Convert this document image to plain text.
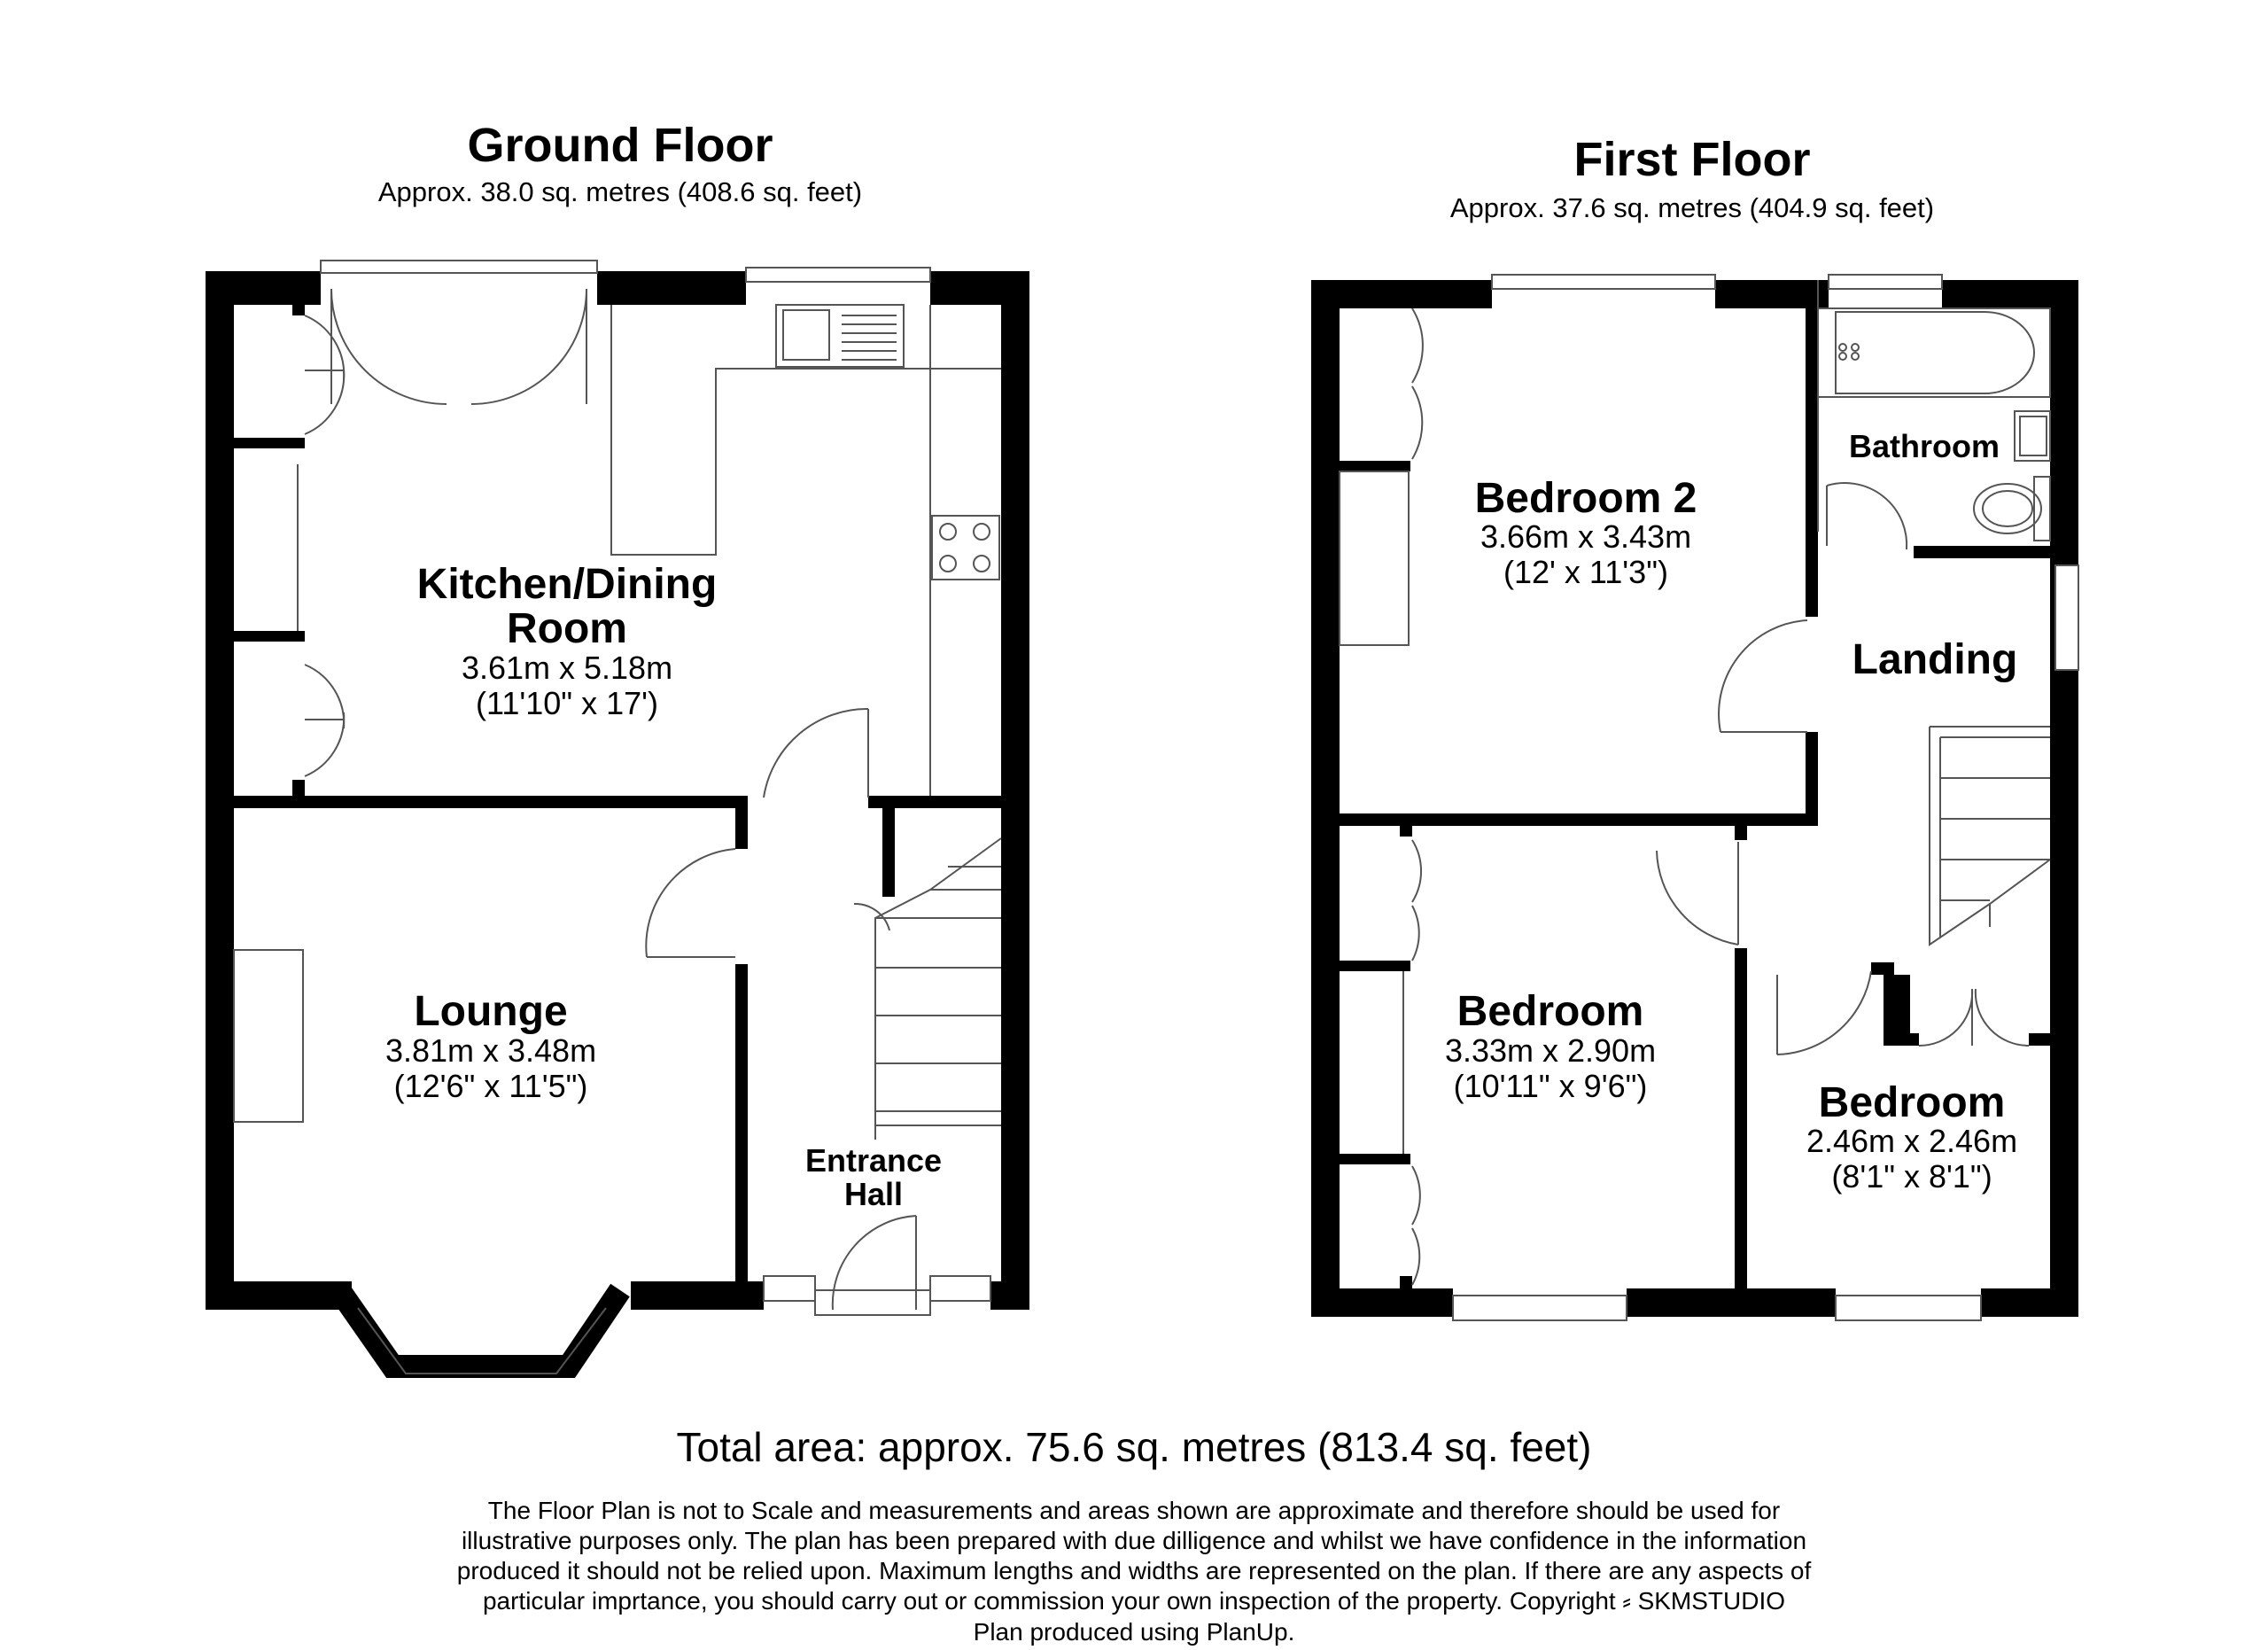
Ground Floor
Approx. 38.0 sq. metres (408.6 sq. feet)
First Floor
Approx. 37.6 sq. metres (404.9 sq. feet)
Kitchen/Dining
Room
3.61m x 5.18m
(11'10" x 17')
Lounge
3.81m x 3.48m
(12'6" x 11'5")
Entrance
Hall
Bedroom 2
3.66m x 3.43m
(12' x 11'3")
Bathroom
Landing
Bedroom
3.33m x 2.90m
(10'11" x 9'6")	Bedroom
2.46m x 2.46m
(8'1" x 8'1")
Total area: approx. 75.6 sq. metres (813.4 sq. feet)
The Floor Plan is not to Scale and measurements and areas shown are approximate and therefore should be used for
illustrative purposes only. The plan has been prepared with due dilligence and whilst we have confidence in the information
produced it should not be relied upon. Maximum lengths and widths are represented on the plan. If there are any aspects of
particular imprtance, you should carry out or commission your own inspection of the property. Copyright ⸗ SKMSTUDIO
Plan produced using PlanUp.
